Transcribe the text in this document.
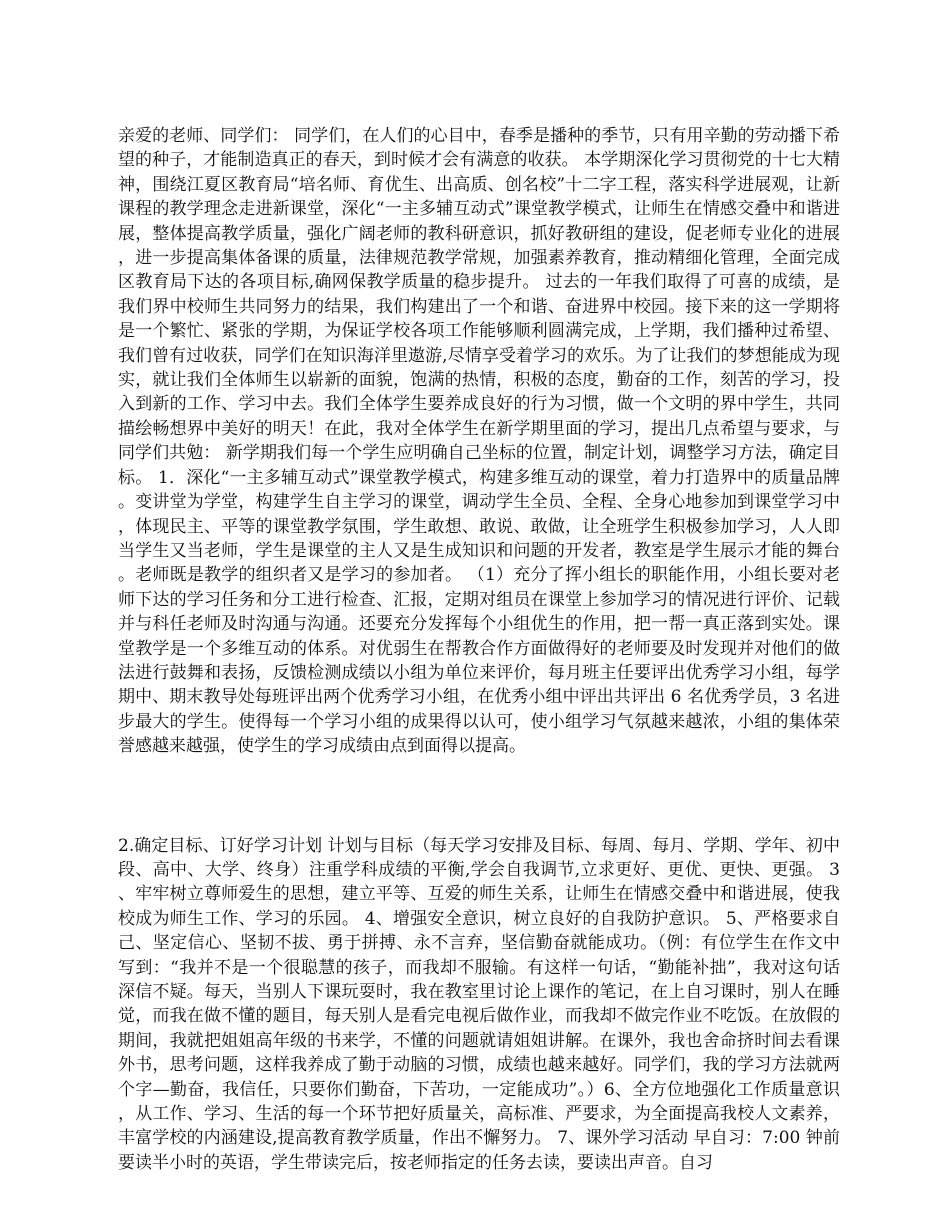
亲爱的老师、同学们： 同学们，在人们的心目中，春季是播种的季节，只有用辛勤的劳动播下希望的种子，才能制造真正的春天，到时候才会有满意的收获。 本学期深化学习贯彻党的十七大精神，围绕江夏区教育局“培名师、育优生、出高质、创名校”十二字工程，落实科学进展观，让新课程的教学理念走进新课堂，深化“一主多辅互动式”课堂教学模式，让师生在情感交叠中和谐进展，整体提高教学质量，强化广阔老师的教科研意识，抓好教研组的建设，促老师专业化的进展，进一步提高集体备课的质量，法律规范教学常规，加强素养教育，推动精细化管理，全面完成区教育局下达的各项目标,确网保教学质量的稳步提升。 过去的一年我们取得了可喜的成绩，是我们界中校师生共同努力的结果，我们构建出了一个和谐、奋进界中校园。接下来的这一学期将是一个繁忙、紧张的学期，为保证学校各项工作能够顺利圆满完成，上学期，我们播种过希望、我们曾有过收获，同学们在知识海洋里遨游,尽情享受着学习的欢乐。为了让我们的梦想能成为现实，就让我们全体师生以崭新的面貌，饱满的热情，积极的态度，勤奋的工作，刻苦的学习，投入到新的工作、学习中去。我们全体学生要养成良好的行为习惯，做一个文明的界中学生，共同描绘畅想界中美好的明天！在此，我对全体学生在新学期里面的学习，提出几点希望与要求，与同学们共勉： 新学期我们每一个学生应明确自己坐标的位置，制定计划，调整学习方法，确定目标。 1．深化“一主多辅互动式”课堂教学模式，构建多维互动的课堂，着力打造界中的质量品牌。变讲堂为学堂，构建学生自主学习的课堂，调动学生全员、全程、全身心地参加到课堂学习中，体现民主、平等的课堂教学氛围，学生敢想、敢说、敢做，让全班学生积极参加学习，人人即当学生又当老师，学生是课堂的主人又是生成知识和问题的开发者，教室是学生展示才能的舞台。老师既是教学的组织者又是学习的参加者。 （1）充分了挥小组长的职能作用，小组长要对老师下达的学习任务和分工进行检查、汇报，定期对组员在课堂上参加学习的情况进行评价、记载并与科任老师及时沟通与沟通。还要充分发挥每个小组优生的作用，把一帮一真正落到实处。课堂教学是一个多维互动的体系。对优弱生在帮教合作方面做得好的老师要及时发现并对他们的做法进行鼓舞和表扬，反馈检测成绩以小组为单位来评价，每月班主任要评出优秀学习小组，每学期中、期末教导处每班评出两个优秀学习小组，在优秀小组中评出共评出 6 名优秀学员，3 名进步最大的学生。使得每一个学习小组的成果得以认可，使小组学习气氛越来越浓，小组的集体荣誉感越来越强，使学生的学习成绩由点到面得以提高。

2.确定目标、订好学习计划 计划与目标（每天学习安排及目标、每周、每月、学期、学年、初中段、高中、大学、终身）注重学科成绩的平衡,学会自我调节,立求更好、更优、更快、更强。 3、牢牢树立尊师爱生的思想，建立平等、互爱的师生关系，让师生在情感交叠中和谐进展，使我校成为师生工作、学习的乐园。 4、增强安全意识，树立良好的自我防护意识。 5、严格要求自己、坚定信心、坚韧不拔、勇于拼搏、永不言弃，坚信勤奋就能成功。（例：有位学生在作文中写到：“我并不是一个很聪慧的孩子，而我却不服输。有这样一句话，“勤能补拙”，我对这句话深信不疑。每天，当别人下课玩耍时，我在教室里讨论上课作的笔记，在上自习课时，别人在睡觉，而我在做不懂的题目，每天别人是看完电视后做作业，而我却不做完作业不吃饭。在放假的期间，我就把姐姐高年级的书来学，不懂的问题就请姐姐讲解。在课外，我也舍命挤时间去看课外书，思考问题，这样我养成了勤于动脑的习惯，成绩也越来越好。同学们，我的学习方法就两个字—勤奋，我信任，只要你们勤奋，下苦功，一定能成功”。）6、全方位地强化工作质量意识，从工作、学习、生活的每一个环节把好质量关，高标准、严要求，为全面提高我校人文素养，丰富学校的内涵建设,提高教育教学质量，作出不懈努力。 7、课外学习活动 早自习：7:00 钟前要读半小时的英语，学生带读完后，按老师指定的任务去读，要读出声音。自习
